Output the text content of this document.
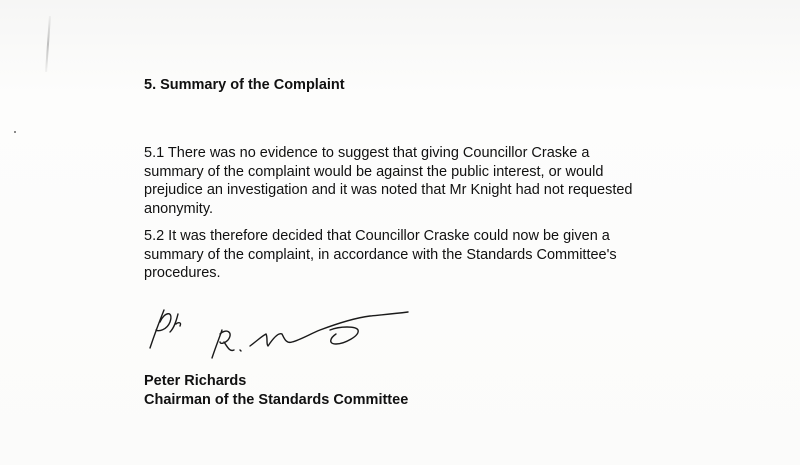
5. Summary of the Complaint
5.1 There was no evidence to suggest that giving Councillor Craske a
summary of the complaint would be against the public interest, or would
prejudice an investigation and it was noted that Mr Knight had not requested
anonymity.
5.2 It was therefore decided that Councillor Craske could now be given a
summary of the complaint, in accordance with the Standards Committee's
procedures.
Peter Richards
Chairman of the Standards Committee
